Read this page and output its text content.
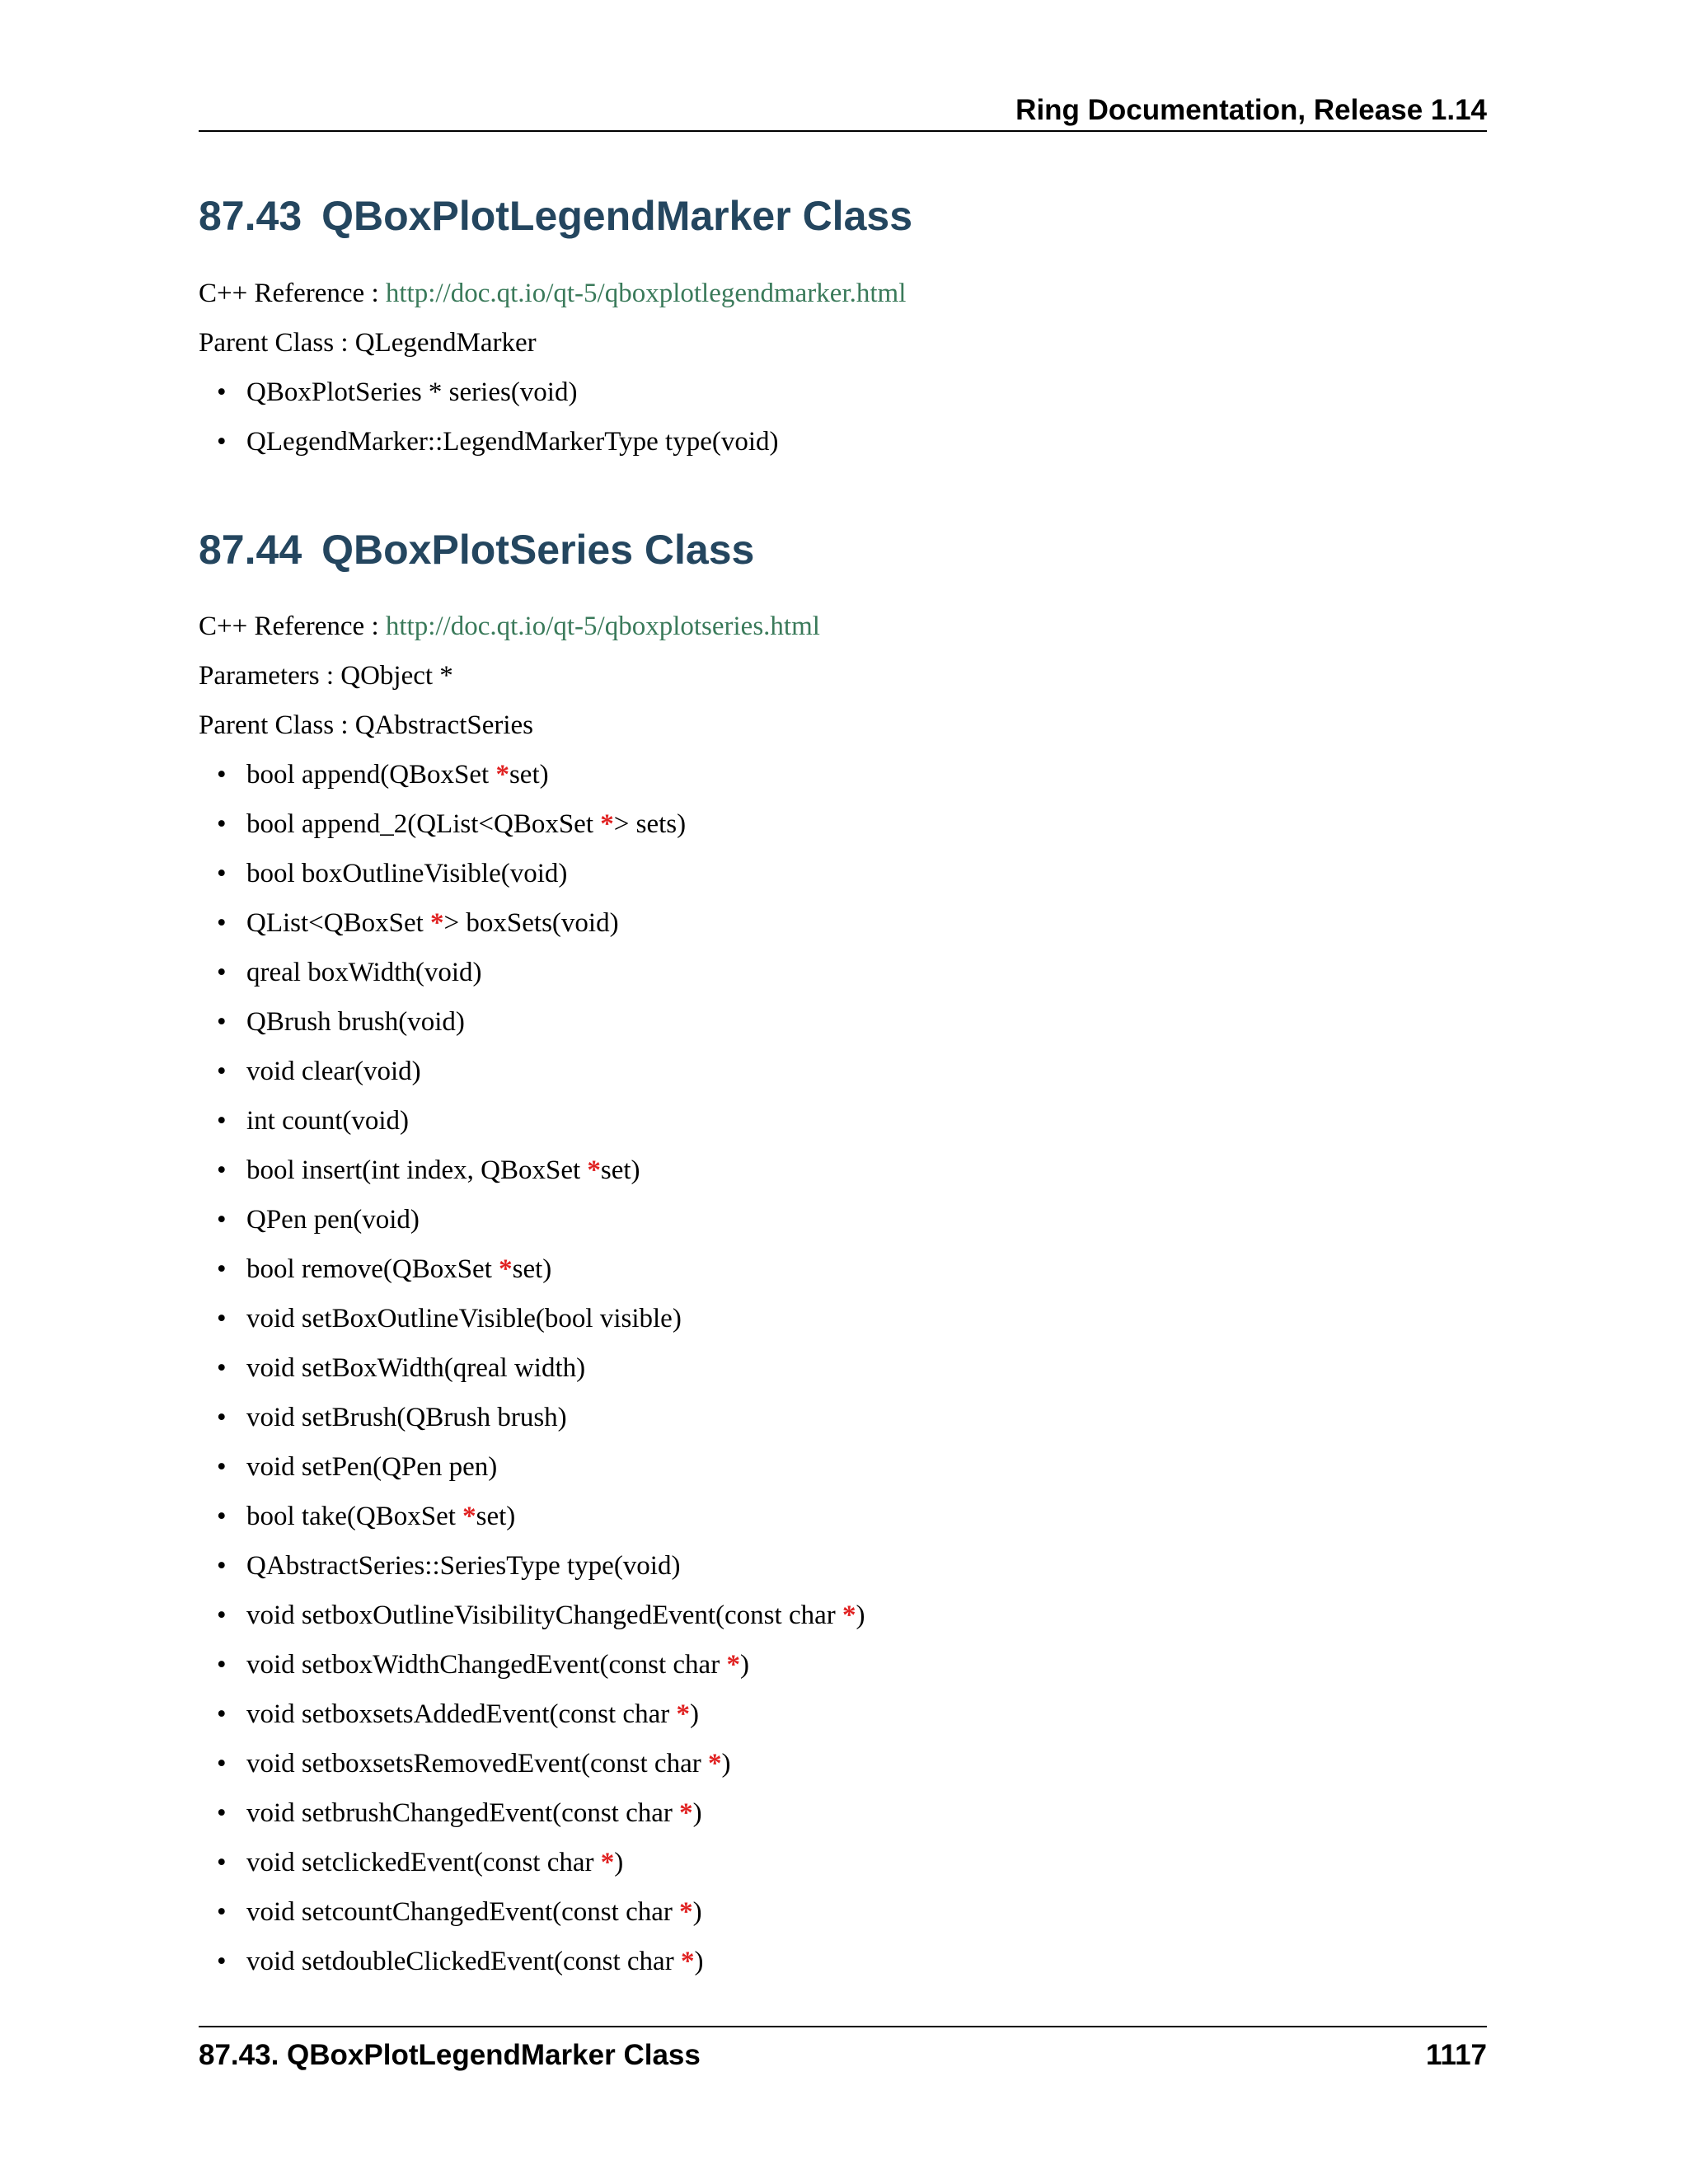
Ring Documentation, Release 1.14
87.43 QBoxPlotLegendMarker Class

C++ Reference : http://doc.qt.io/qt-5/qboxplotlegendmarker.html

Parent Class : QLegendMarker

• QBoxPlotSeries * series(void)
• QLegendMarker::LegendMarkerType type(void)
87.44 QBoxPlotSeries Class

C++ Reference : http://doc.qt.io/qt-5/qboxplotseries.html

Parameters : QObject *

Parent Class : QAbstractSeries

• bool append(QBoxSet *set)
• bool append_2(QList<QBoxSet *> sets)
• bool boxOutlineVisible(void)
• QList<QBoxSet *> boxSets(void)
• qreal boxWidth(void)
• QBrush brush(void)
• void clear(void)
• int count(void)
• bool insert(int index, QBoxSet *set)
• QPen pen(void)
• bool remove(QBoxSet *set)
• void setBoxOutlineVisible(bool visible)
• void setBoxWidth(qreal width)
• void setBrush(QBrush brush)
• void setPen(QPen pen)
• bool take(QBoxSet *set)
• QAbstractSeries::SeriesType type(void)
• void setboxOutlineVisibilityChangedEvent(const char *)
• void setboxWidthChangedEvent(const char *)
• void setboxsetsAddedEvent(const char *)
• void setboxsetsRemovedEvent(const char *)
• void setbrushChangedEvent(const char *)
• void setclickedEvent(const char *)
• void setcountChangedEvent(const char *)
• void setdoubleClickedEvent(const char *)
87.43. QBoxPlotLegendMarker Class	1117
